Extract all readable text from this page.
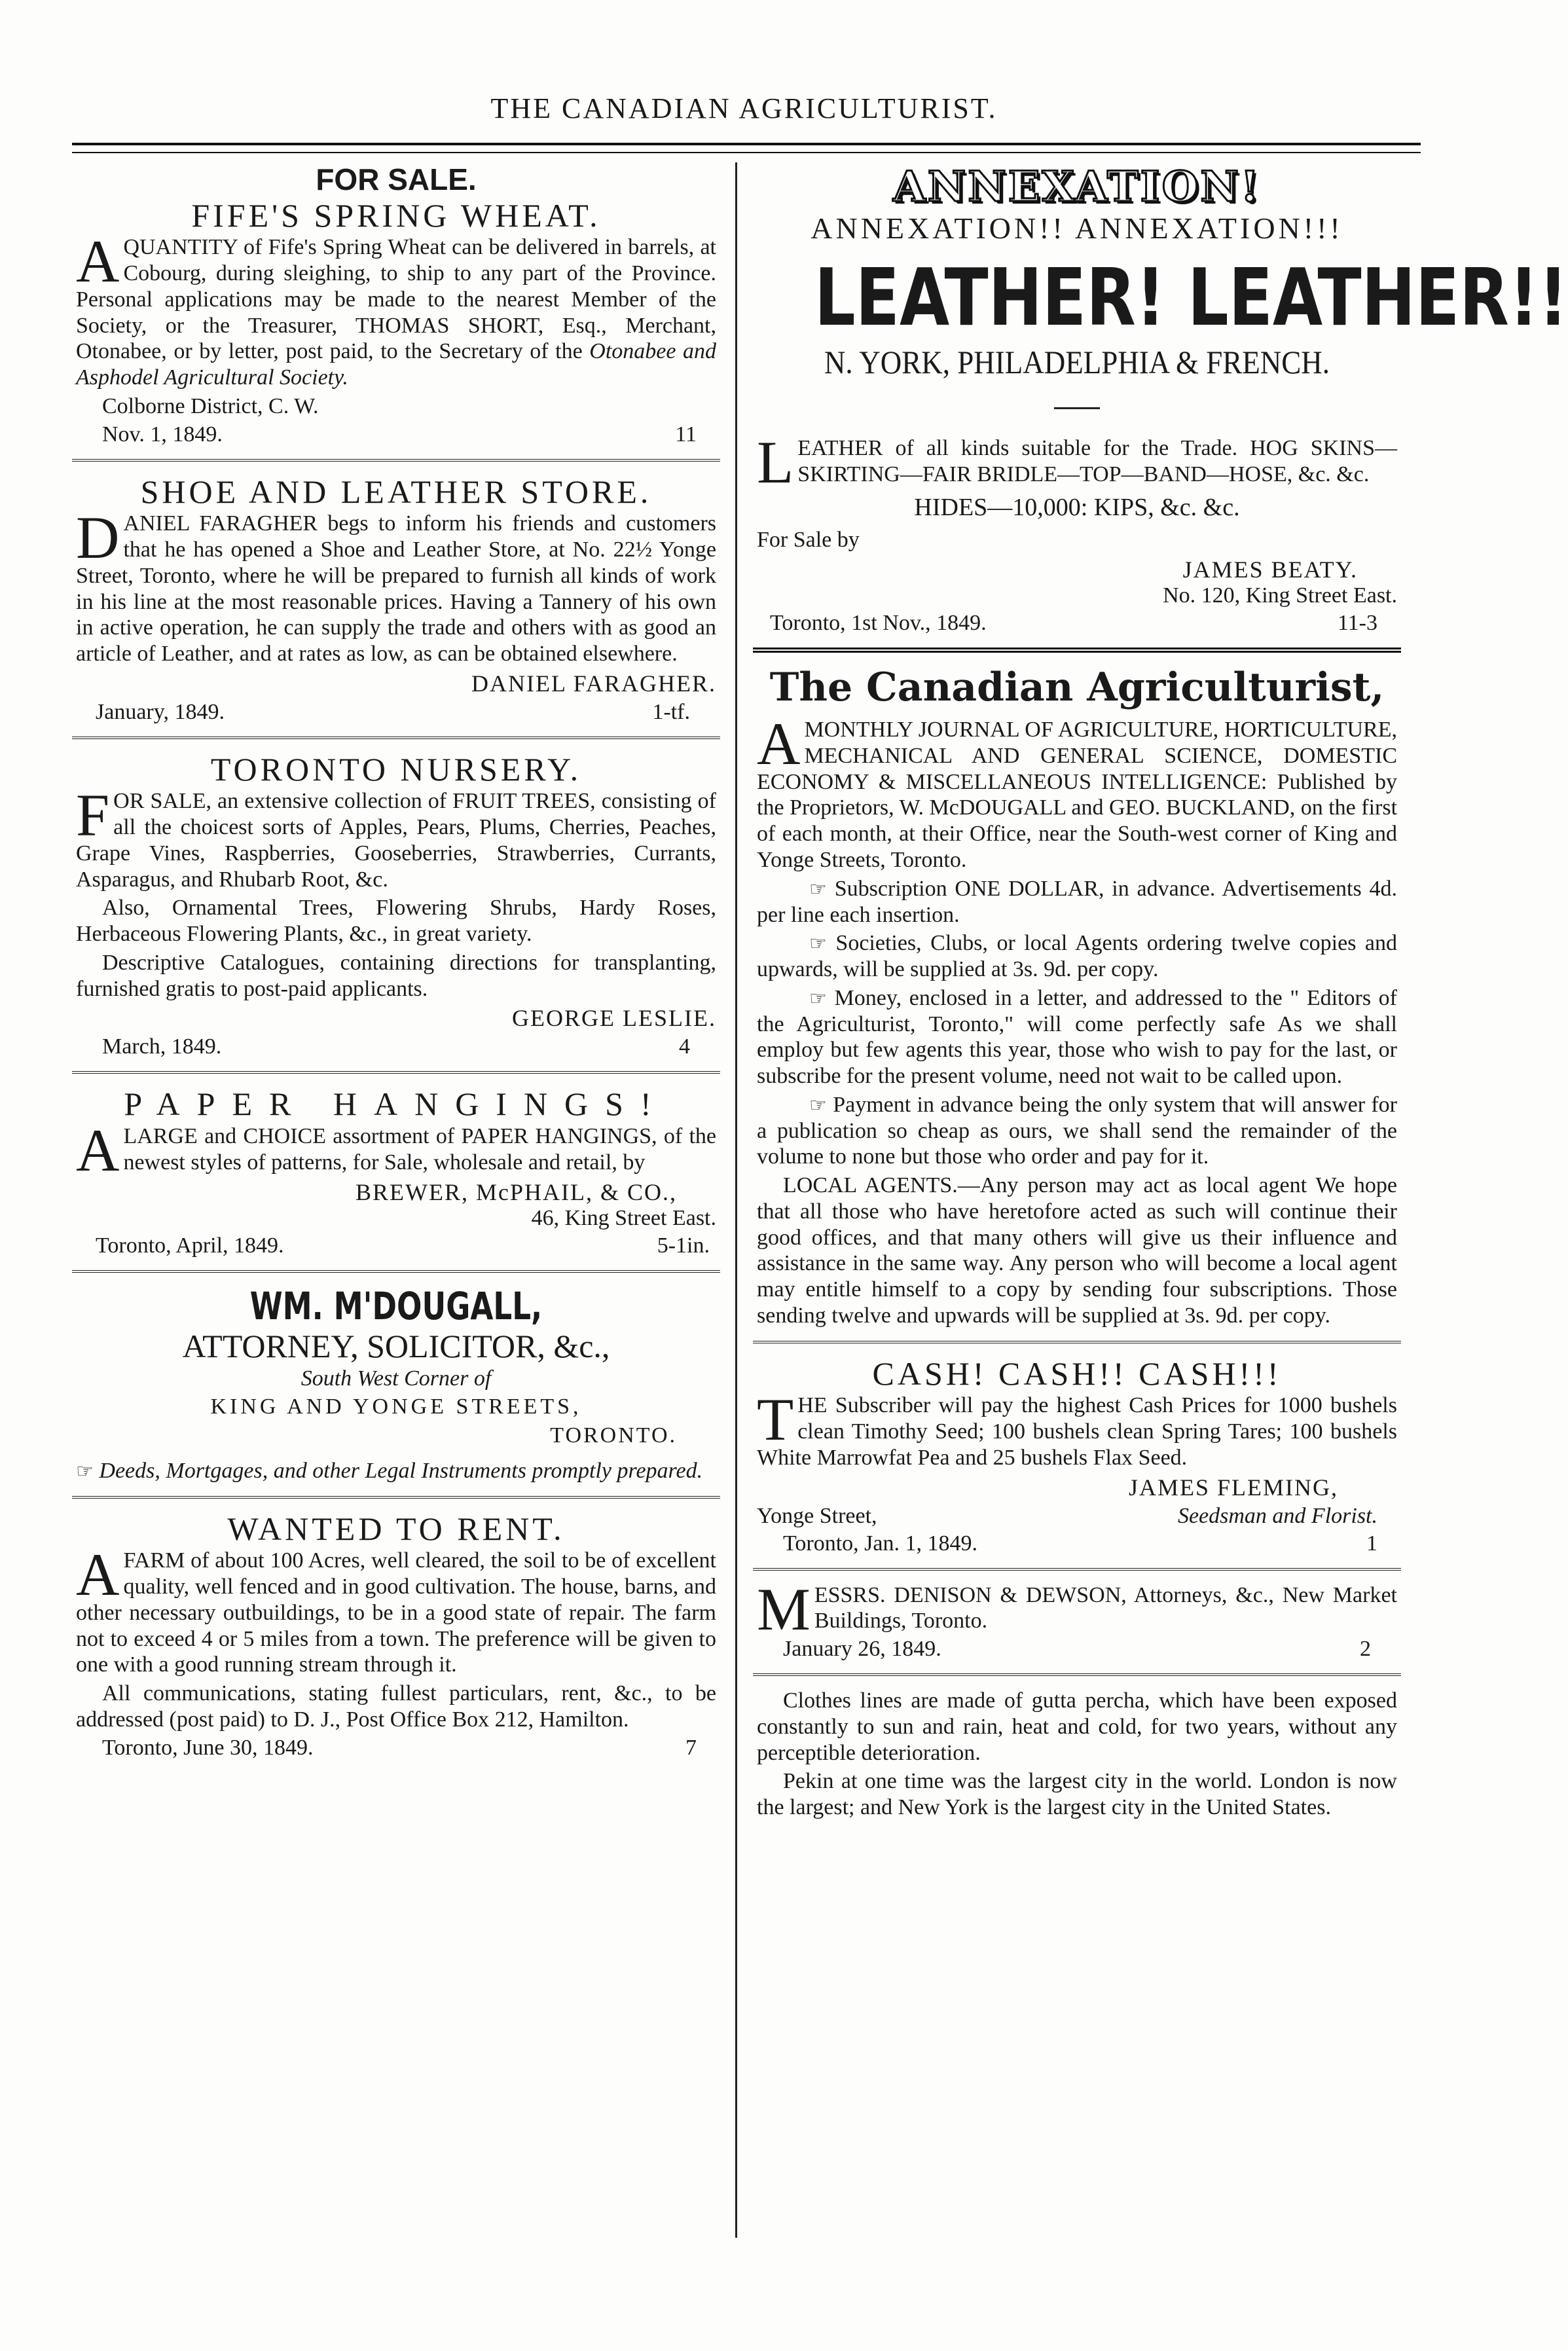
THE CANADIAN AGRICULTURIST.
FOR SALE.
FIFE'S SPRING WHEAT.

AQUANTITY of Fife's Spring Wheat can be delivered in barrels, at Cobourg, during sleighing, to ship to any part of the Province. Personal applications may be made to the nearest Member of the Society, or the Treasurer, THOMAS SHORT, Esq., Merchant, Otonabee, or by letter, post paid, to the Secretary of the Otonabee and Asphodel Agricultural Society.

Colborne District, C. W.

Nov. 1, 1849.	11
SHOE AND LEATHER STORE.

DANIEL FARAGHER begs to inform his friends and customers that he has opened a Shoe and Leather Store, at No. 22½ Yonge Street, Toronto, where he will be prepared to furnish all kinds of work in his line at the most reasonable prices. Having a Tannery of his own in active operation, he can supply the trade and others with as good an article of Leather, and at rates as low, as can be obtained elsewhere.

DANIEL FARAGHER.
January, 1849.	1-tf.
TORONTO NURSERY.

FOR SALE, an extensive collection of FRUIT TREES, consisting of all the choicest sorts of Apples, Pears, Plums, Cherries, Peaches, Grape Vines, Raspberries, Gooseberries, Strawberries, Currants, Asparagus, and Rhubarb Root, &c.

Also, Ornamental Trees, Flowering Shrubs, Hardy Roses, Herbaceous Flowering Plants, &c., in great variety.

Descriptive Catalogues, containing directions for transplanting, furnished gratis to post-paid applicants.

GEORGE LESLIE.
March, 1849.	4
PAPER HANGINGS!

ALARGE and CHOICE assortment of PAPER HANGINGS, of the newest styles of patterns, for Sale, wholesale and retail, by

BREWER, McPHAIL, & CO.,
46, King Street East.
Toronto, April, 1849.	5-1in.
WM. M'DOUGALL,
ATTORNEY, SOLICITOR, &c.,

South West Corner of

KING AND YONGE STREETS,

TORONTO.

☞ Deeds, Mortgages, and other Legal Instruments promptly prepared.

WANTED TO RENT.

AFARM of about 100 Acres, well cleared, the soil to be of excellent quality, well fenced and in good cultivation. The house, barns, and other necessary outbuildings, to be in a good state of repair. The farm not to exceed 4 or 5 miles from a town. The preference will be given to one with a good running stream through it.

All communications, stating fullest particulars, rent, &c., to be addressed (post paid) to D. J., Post Office Box 212, Hamilton.

Toronto, June 30, 1849.	7
ANNEXATION!
ANNEXATION!! ANNEXATION!!!
LEATHER! LEATHER!!
N. YORK, PHILADELPHIA & FRENCH.

LEATHER of all kinds suitable for the Trade. HOG SKINS—SKIRTING—FAIR BRIDLE—TOP—BAND—HOSE, &c. &c.

HIDES—10,000: KIPS, &c. &c.

For Sale by

JAMES BEATY.
No. 120, King Street East.
Toronto, 1st Nov., 1849.	11-3
The Canadian Agriculturist,

AMONTHLY JOURNAL OF AGRICULTURE, HORTICULTURE, MECHANICAL AND GENERAL SCIENCE, DOMESTIC ECONOMY & MISCELLANEOUS INTELLIGENCE: Published by the Proprietors, W. McDOUGALL and GEO. BUCKLAND, on the first of each month, at their Office, near the South-west corner of King and Yonge Streets, Toronto.

☞ Subscription ONE DOLLAR, in advance. Advertisements 4d. per line each insertion.

☞ Societies, Clubs, or local Agents ordering twelve copies and upwards, will be supplied at 3s. 9d. per copy.

☞ Money, enclosed in a letter, and addressed to the " Editors of the Agriculturist, Toronto," will come perfectly safe As we shall employ but few agents this year, those who wish to pay for the last, or subscribe for the present volume, need not wait to be called upon.

☞ Payment in advance being the only system that will answer for a publication so cheap as ours, we shall send the remainder of the volume to none but those who order and pay for it.

LOCAL AGENTS.—Any person may act as local agent We hope that all those who have heretofore acted as such will continue their good offices, and that many others will give us their influence and assistance in the same way. Any person who will become a local agent may entitle himself to a copy by sending four subscriptions. Those sending twelve and upwards will be supplied at 3s. 9d. per copy.

CASH! CASH!! CASH!!!

THE Subscriber will pay the highest Cash Prices for 1000 bushels clean Timothy Seed; 100 bushels clean Spring Tares; 100 bushels White Marrowfat Pea and 25 bushels Flax Seed.

JAMES FLEMING,
Yonge Street,	Seedsman and Florist.
Toronto, Jan. 1, 1849.	1

MESSRS. DENISON & DEWSON, Attorneys, &c., New Market Buildings, Toronto.

January 26, 1849.	2

Clothes lines are made of gutta percha, which have been exposed constantly to sun and rain, heat and cold, for two years, without any perceptible deterioration.

Pekin at one time was the largest city in the world. London is now the largest; and New York is the largest city in the United States.
